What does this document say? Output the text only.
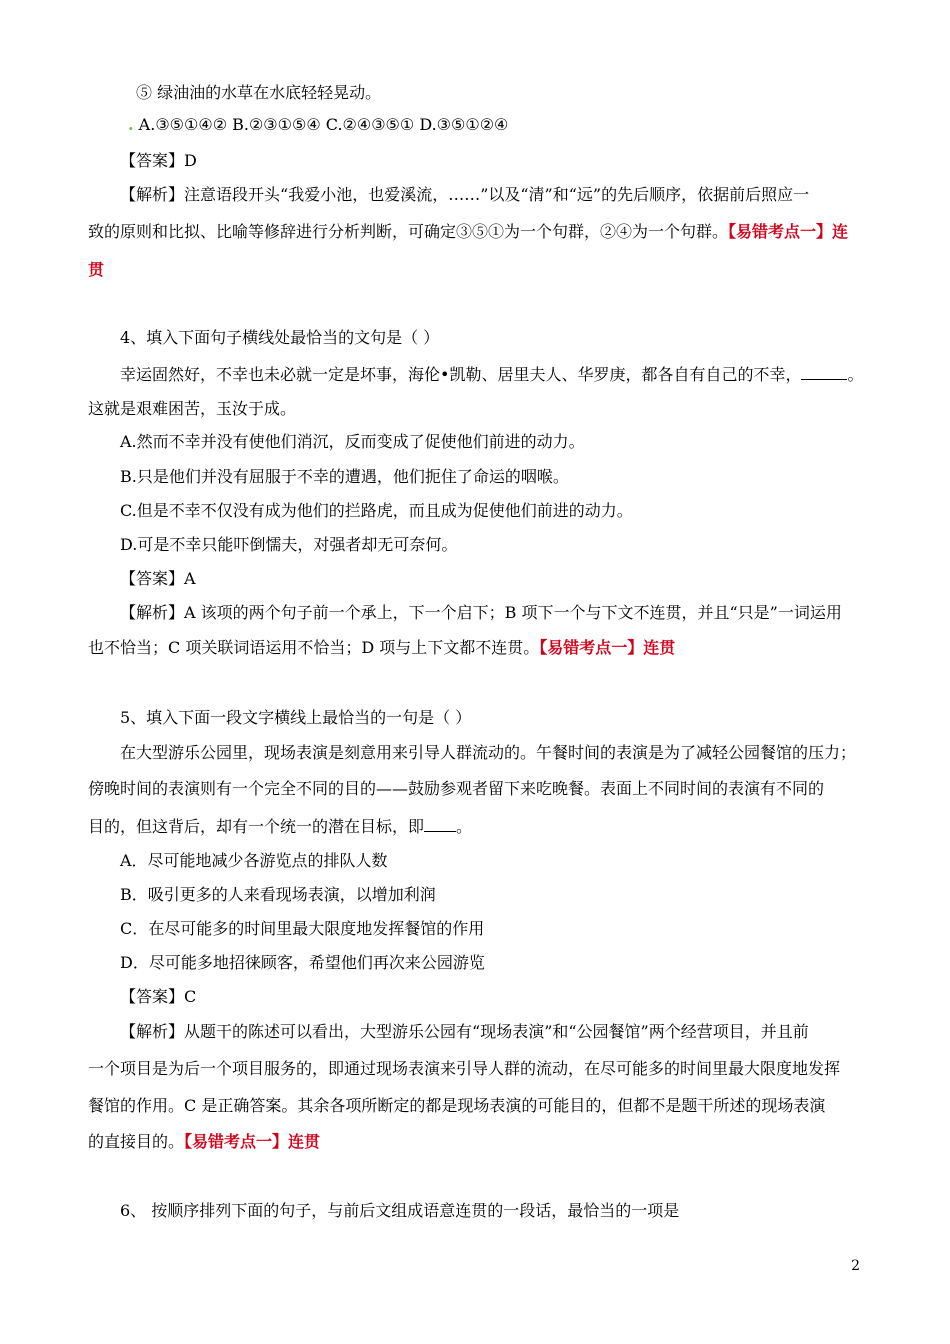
⑤ 绿油油的水草在水底轻轻晃动。
. A.③⑤①④② B.②③①⑤④ C.②④③⑤① D.③⑤①②④
【答案】D
【解析】注意语段开头“我爱小池，也爱溪流，……”以及“清”和“远”的先后顺序，依据前后照应一
致的原则和比拟、比喻等修辞进行分析判断，可确定③⑤①为一个句群，②④为一个句群。【易错考点一】连
贯
4、填入下面句子横线处最恰当的文句是（ ）
幸运固然好，不幸也未必就一定是坏事，海伦•凯勒、居里夫人、华罗庚，都各自有自己的不幸，	。
这就是艰难困苦，玉汝于成。
A.然而不幸并没有使他们消沉，反而变成了促使他们前进的动力。
B.只是他们并没有屈服于不幸的遭遇，他们扼住了命运的咽喉。
C.但是不幸不仅没有成为他们的拦路虎，而且成为促使他们前进的动力。
D.可是不幸只能吓倒懦夫，对强者却无可奈何。
【答案】A
【解析】A 该项的两个句子前一个承上，下一个启下；B 项下一个与下文不连贯，并且“只是”一词运用
也不恰当；C 项关联词语运用不恰当；D 项与上下文都不连贯。【易错考点一】连贯
5、填入下面一段文字横线上最恰当的一句是（ ）
在大型游乐公园里，现场表演是刻意用来引导人群流动的。午餐时间的表演是为了减轻公园餐馆的压力；
傍晚时间的表演则有一个完全不同的目的——鼓励参观者留下来吃晚餐。表面上不同时间的表演有不同的
目的，但这背后，却有一个统一的潜在目标，即 。
A．尽可能地减少各游览点的排队人数
B．吸引更多的人来看现场表演，以增加利润
C．在尽可能多的时间里最大限度地发挥餐馆的作用
D．尽可能多地招徕顾客，希望他们再次来公园游览
【答案】C
【解析】从题干的陈述可以看出，大型游乐公园有“现场表演”和“公园餐馆”两个经营项目，并且前
一个项目是为后一个项目服务的，即通过现场表演来引导人群的流动，在尽可能多的时间里最大限度地发挥
餐馆的作用。C 是正确答案。其余各项所断定的都是现场表演的可能目的，但都不是题干所述的现场表演
的直接目的。【易错考点一】连贯
6、 按顺序排列下面的句子，与前后文组成语意连贯的一段话，最恰当的一项是
2
